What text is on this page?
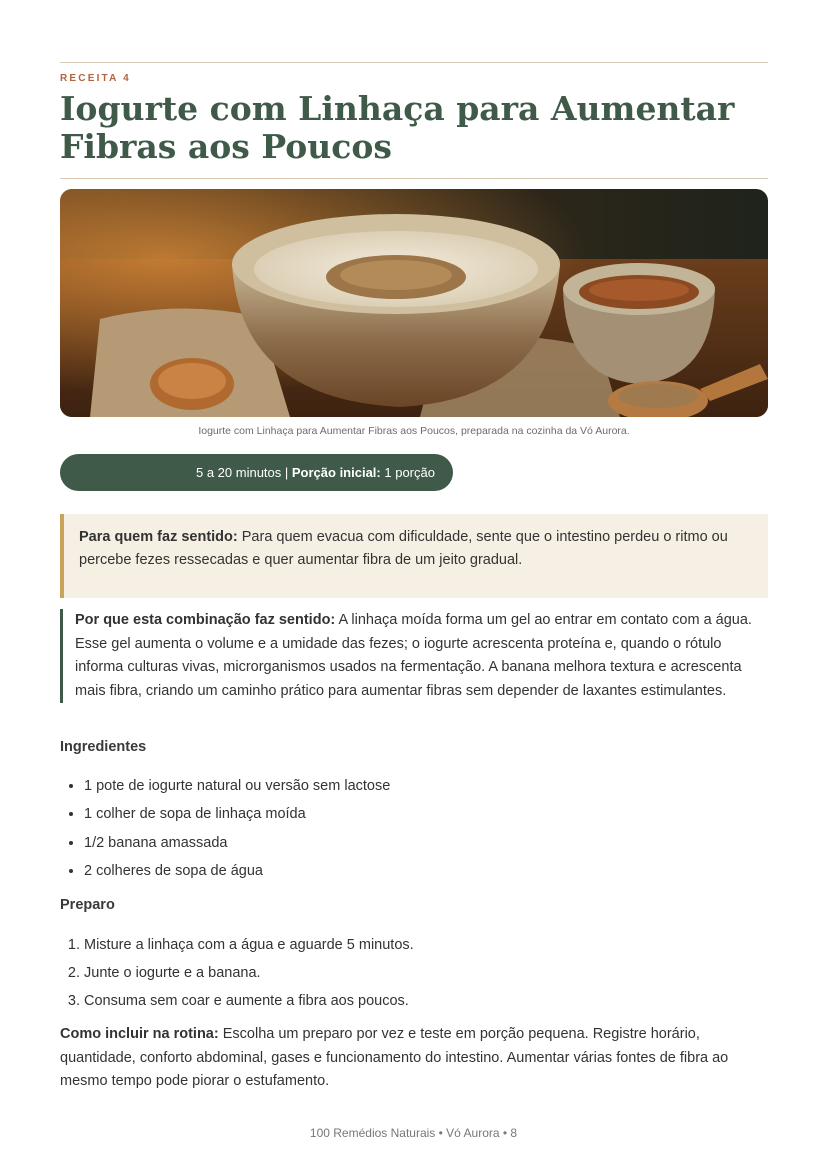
RECEITA 4
Iogurte com Linhaça para Aumentar Fibras aos Poucos
Iogurte com Linhaça para Aumentar Fibras aos Poucos, preparada na cozinha da Vó Aurora.
5 a 20 minutos | Porção inicial: 1 porção
Para quem faz sentido: Para quem evacua com dificuldade, sente que o intestino perdeu o ritmo ou percebe fezes ressecadas e quer aumentar fibra de um jeito gradual.
Por que esta combinação faz sentido: A linhaça moída forma um gel ao entrar em contato com a água. Esse gel aumenta o volume e a umidade das fezes; o iogurte acrescenta proteína e, quando o rótulo informa culturas vivas, microrganismos usados na fermentação. A banana melhora textura e acrescenta mais fibra, criando um caminho prático para aumentar fibras sem depender de laxantes estimulantes.
Ingredientes
• 1 pote de iogurte natural ou versão sem lactose
• 1 colher de sopa de linhaça moída
• 1/2 banana amassada
• 2 colheres de sopa de água
Preparo
1. Misture a linhaça com a água e aguarde 5 minutos.
2. Junte o iogurte e a banana.
3. Consuma sem coar e aumente a fibra aos poucos.
Como incluir na rotina: Escolha um preparo por vez e teste em porção pequena. Registre horário, quantidade, conforto abdominal, gases e funcionamento do intestino. Aumentar várias fontes de fibra ao mesmo tempo pode piorar o estufamento.
100 Remédios Naturais • Vó Aurora • 8
